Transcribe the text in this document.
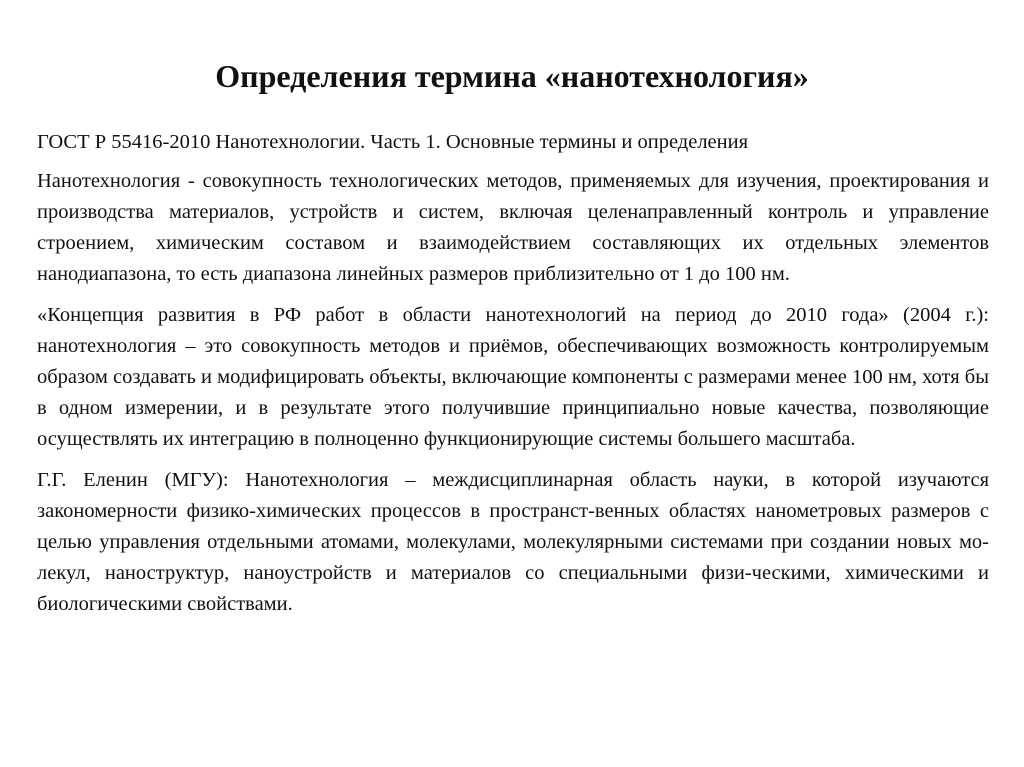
Определения термина «нанотехнология»

ГОСТ Р 55416-2010 Нанотехнологии. Часть 1. Основные термины и определения

Нанотехнология - совокупность технологических методов, применяемых для изучения, проектирования и производства материалов, устройств и систем, включая целенаправленный контроль и управление строением, химическим составом и взаимодействием составляющих их отдельных элементов нанодиапазона, то есть диапазона линейных размеров приблизительно от 1 до 100 нм.

«Концепция развития в РФ работ в области нанотехнологий на период до 2010 года» (2004 г.): нанотехнология – это совокупность методов и приёмов, обеспечивающих возможность контролируемым образом создавать и модифицировать объекты, включающие компоненты с размерами менее 100 нм, хотя бы в одном измерении, и в результате этого получившие принципиально новые качества, позволяющие осуществлять их интеграцию в полноценно функционирующие системы большего масштаба.

Г.Г. Еленин (МГУ): Нанотехнология – междисциплинарная область науки, в которой изучаются закономерности физико-химических процессов в пространст-венных областях нанометровых размеров с целью управления отдельными атомами, молекулами, молекулярными системами при создании новых мо-лекул, наноструктур, наноустройств и материалов со специальными физи-ческими, химическими и биологическими свойствами.
